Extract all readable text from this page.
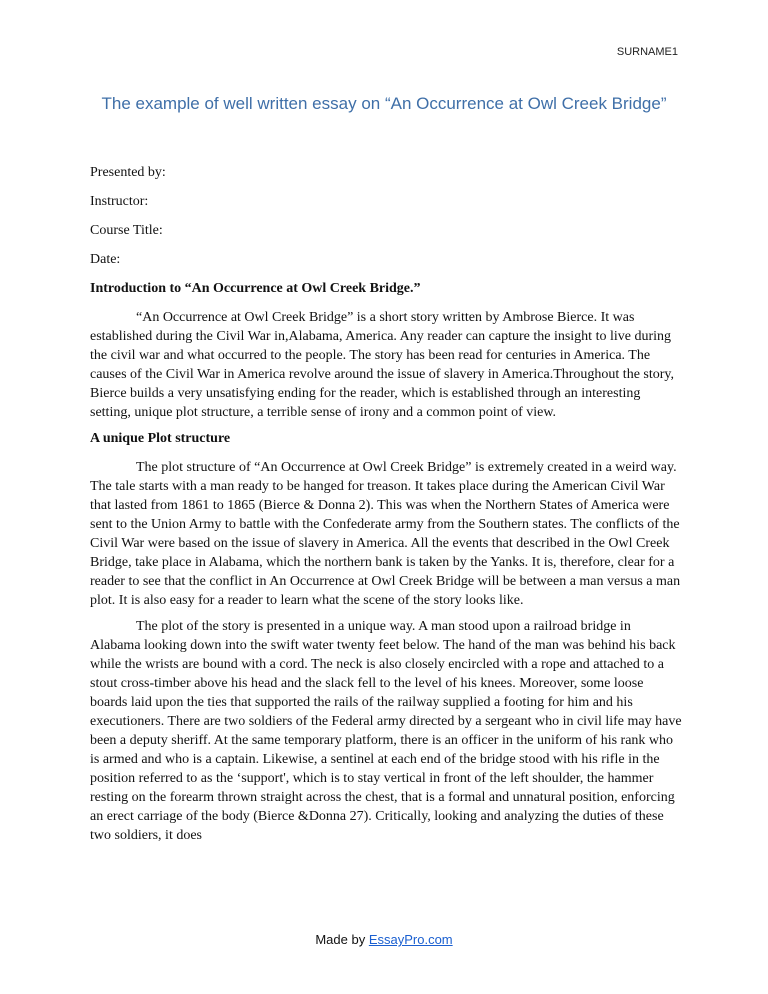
SURNAME1
The example of well written essay on “An Occurrence at Owl Creek Bridge”

Presented by:

Instructor:

Course Title:

Date:

Introduction to “An Occurrence at Owl Creek Bridge.”

“An Occurrence at Owl Creek Bridge” is a short story written by Ambrose Bierce. It was established during the Civil War in,Alabama, America. Any reader can capture the insight to live during the civil war and what occurred to the people. The story has been read for centuries in America. The causes of the Civil War in America revolve around the issue of slavery in America.Throughout the story, Bierce builds a very unsatisfying ending for the reader, which is established through an interesting setting, unique plot structure, a terrible sense of irony and a common point of view.

A unique Plot structure

The plot structure of “An Occurrence at Owl Creek Bridge” is extremely created in a weird way. The tale starts with a man ready to be hanged for treason. It takes place during the American Civil War that lasted from 1861 to 1865 (Bierce & Donna 2). This was when the Northern States of America were sent to the Union Army to battle with the Confederate army from the Southern states. The conflicts of the Civil War were based on the issue of slavery in America. All the events that described in the Owl Creek Bridge, take place in Alabama, which the northern bank is taken by the Yanks. It is, therefore, clear for a reader to see that the conflict in An Occurrence at Owl Creek Bridge will be between a man versus a man plot. It is also easy for a reader to learn what the scene of the story looks like.

The plot of the story is presented in a unique way. A man stood upon a railroad bridge in Alabama looking down into the swift water twenty feet below. The hand of the man was behind his back while the wrists are bound with a cord. The neck is also closely encircled with a rope and attached to a stout cross-timber above his head and the slack fell to the level of his knees. Moreover, some loose boards laid upon the ties that supported the rails of the railway supplied a footing for him and his executioners. There are two soldiers of the Federal army directed by a sergeant who in civil life may have been a deputy sheriff. At the same temporary platform, there is an officer in the uniform of his rank who is armed and who is a captain. Likewise, a sentinel at each end of the bridge stood with his rifle in the position referred to as the ‘support', which is to stay vertical in front of the left shoulder, the hammer resting on the forearm thrown straight across the chest, that is a formal and unnatural position, enforcing an erect carriage of the body (Bierce &Donna 27). Critically, looking and analyzing the duties of these two soldiers, it does

Made by EssayPro.com
